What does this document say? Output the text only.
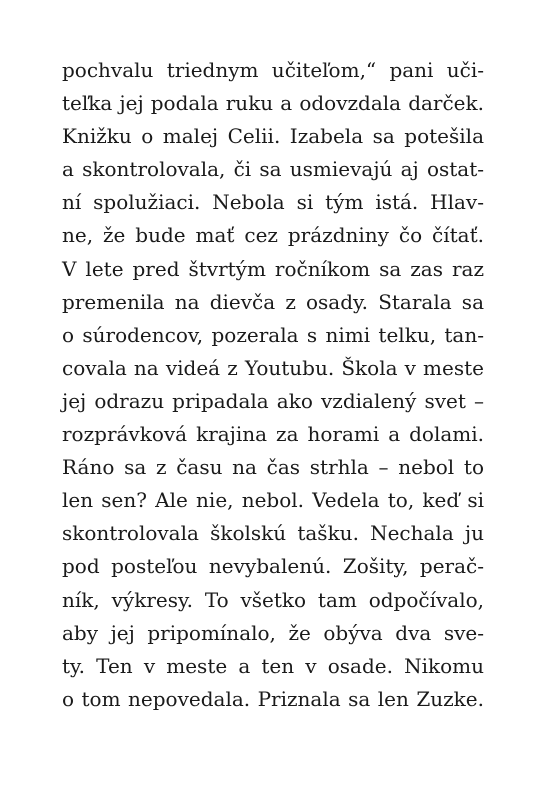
pochvalu triednym učiteľom,“ pani uči-
teľka jej podala ruku a odovzdala darček.
Knižku o malej Celii. Izabela sa potešila
a skontrolovala, či sa usmievajú aj ostat-
ní spolužiaci. Nebola si tým istá. Hlav-
ne, že bude mať cez prázdniny čo čítať.
V lete pred štvrtým ročníkom sa zas raz
premenila na dievča z osady. Starala sa
o súrodencov, pozerala s nimi telku, tan-
covala na videá z Youtubu. Škola v meste
jej odrazu pripadala ako vzdialený svet –
rozprávková krajina za horami a dolami.
Ráno sa z času na čas strhla – nebol to
len sen? Ale nie, nebol. Vedela to, keď si
skontrolovala školskú tašku. Nechala ju
pod posteľou nevybalenú. Zošity, perač-
ník, výkresy. To všetko tam odpočívalo,
aby jej pripomínalo, že obýva dva sve-
ty. Ten v meste a ten v osade. Nikomu
o tom nepovedala. Priznala sa len Zuzke.
